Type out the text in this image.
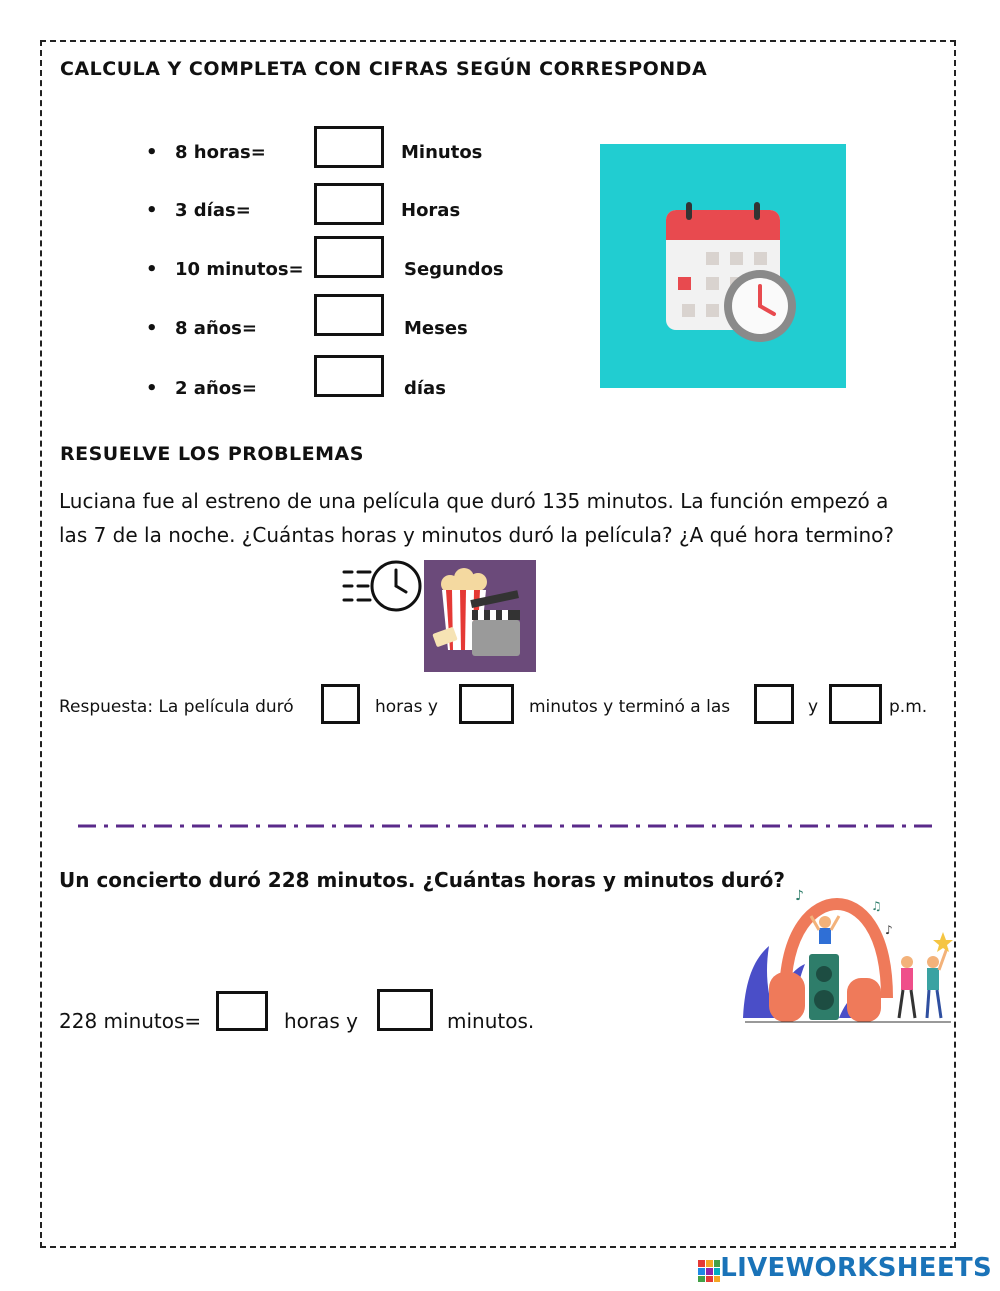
CALCULA Y COMPLETA CON CIFRAS SEGÚN CORRESPONDA
• 8 horas=	Minutos
• 3 días=	Horas
• 10 minutos=	Segundos
• 8 años=	Meses
• 2 años=	días
RESUELVE LOS PROBLEMAS
Luciana fue al estreno de una película que duró 135 minutos. La función empezó a
las 7 de la noche. ¿Cuántas horas y minutos duró la película? ¿A qué hora termino?
Respuesta: La película duró	horas y	minutos y terminó a las	y	p.m.
Un concierto duró 228 minutos. ¿Cuántas horas y minutos duró?
♪
♫
♪
228 minutos=	horas y	minutos.
LIVEWORKSHEETS
